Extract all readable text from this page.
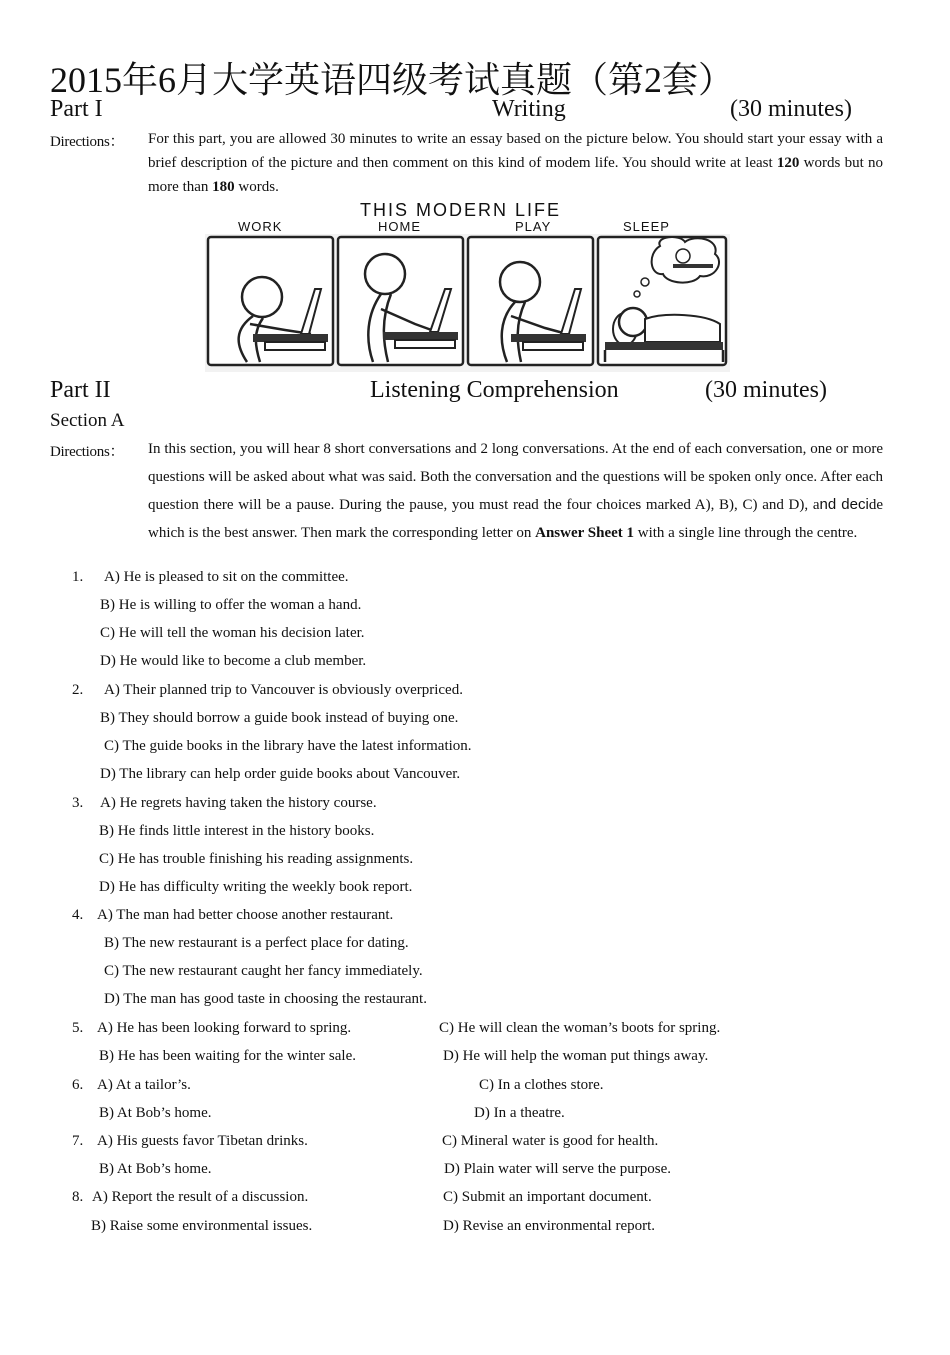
2015年6月大学英语四级考试真题（第2套）
Part I	Writing	(30 minutes)
Directions： For this part, you are allowed 30 minutes to write an essay based on the picture below. You should start your essay with a brief description of the picture and then comment on this kind of modem life. You should write at least 120 words but no more than 180 words.
THIS MODERN LIFE
WORK	HOME	PLAY	SLEEP
Part II	Listening Comprehension	(30 minutes)
Section A
Directions： In this section, you will hear 8 short conversations and 2 long conversations. At the end of each conversation, one or more questions will be asked about what was said. Both the conversation and the questions will be spoken only once. After each question there will be a pause. During the pause, you must read the four choices marked A), B), C) and D), and decide which is the best answer. Then mark the corresponding letter on Answer Sheet 1 with a single line through the centre.
1. A) He is pleased to sit on the committee.
B) He is willing to offer the woman a hand.
C) He will tell the woman his decision later.
D) He would like to become a club member.
2. A) Their planned trip to Vancouver is obviously overpriced.
B) They should borrow a guide book instead of buying one.
C) The guide books in the library have the latest information.
D) The library can help order guide books about Vancouver.
3. A) He regrets having taken the history course.
B) He finds little interest in the history books.
C) He has trouble finishing his reading assignments.
D) He has difficulty writing the weekly book report.
4. A) The man had better choose another restaurant.
B) The new restaurant is a perfect place for dating.
C) The new restaurant caught her fancy immediately.
D) The man has good taste in choosing the restaurant.
5. A) He has been looking forward to spring.
B) He has been waiting for the winter sale.
C) He will clean the woman’s boots for spring.
D) He will help the woman put things away.
6. A) At a tailor’s.
B) At Bob’s home.
C) In a clothes store.
D) In a theatre.
7. A) His guests favor Tibetan drinks.
B) At Bob’s home.
C) Mineral water is good for health.
D) Plain water will serve the purpose.
8. A) Report the result of a discussion.
B) Raise some environmental issues.
C) Submit an important document.
D) Revise an environmental report.
